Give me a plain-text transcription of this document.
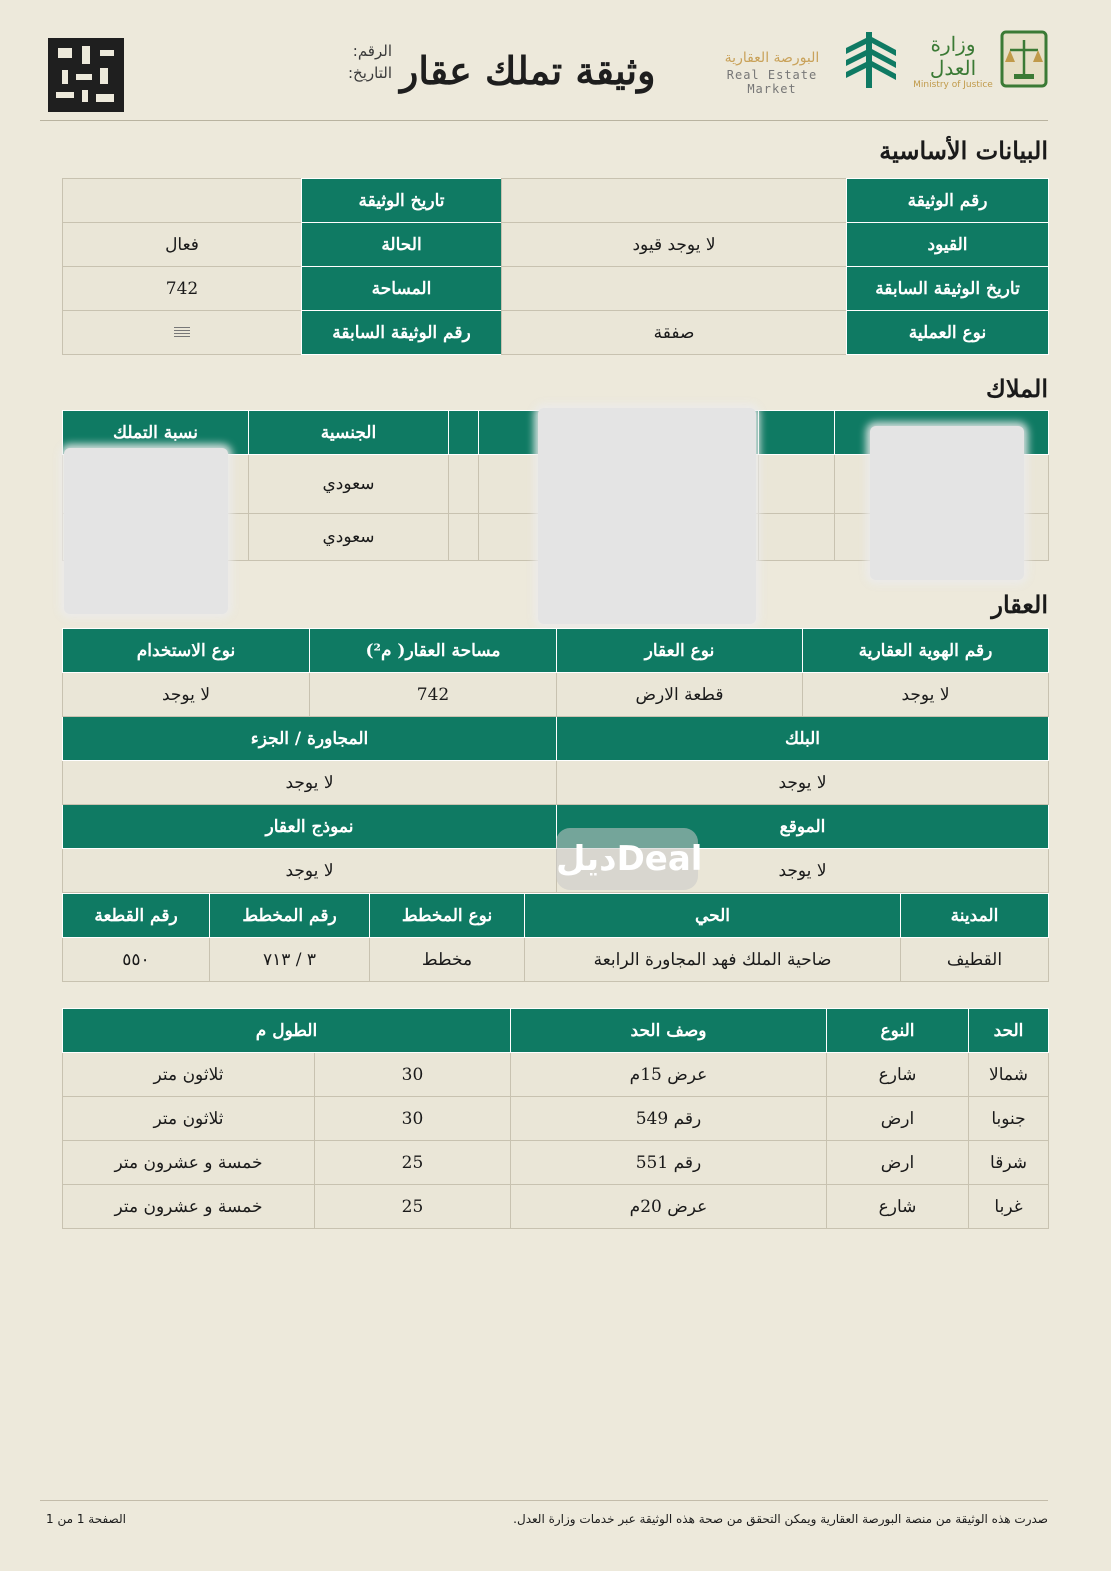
الرقم:
التاريخ: وثيقة تملك عقار	البورصة العقارية
Real Estate Market
وزارة العدل
Ministry of Justice
البيانات الأساسية
رقم الوثيقة		تاريخ الوثيقة	
القيود	لا يوجد قيود	الحالة	فعال
تاريخ الوثيقة السابقة		المساحة	742
نوع العملية	صفقة	رقم الوثيقة السابقة	
الملاك
				الجنسية	نسبة التملك
				سعودي	
				سعودي	
العقار
رقم الهوية العقارية	نوع العقار	مساحة العقار( م²)	نوع الاستخدام
لا يوجد	قطعة الارض	742	لا يوجد
البلك		المجاورة / الجزء	
لا يوجد		لا يوجد	
الموقع		نموذج العقار	
لا يوجد		لا يوجد	
المدينة	الحي	نوع المخطط	رقم المخطط	رقم القطعة
القطيف	ضاحية الملك فهد المجاورة الرابعة	مخطط	٣ / ٧١٣	٥٥٠
ديلDeal
الحد	النوع	وصف الحد	الطول م	
شمالا	شارع	عرض 15م	30	ثلاثون متر
جنوبا	ارض	رقم 549	30	ثلاثون متر
شرقا	ارض	رقم 551	25	خمسة و عشرون متر
غربا	شارع	عرض 20م	25	خمسة و عشرون متر
الصفحة 1 من 1	صدرت هذه الوثيقة من منصة البورصة العقارية ويمكن التحقق من صحة هذه الوثيقة عبر خدمات وزارة العدل.
